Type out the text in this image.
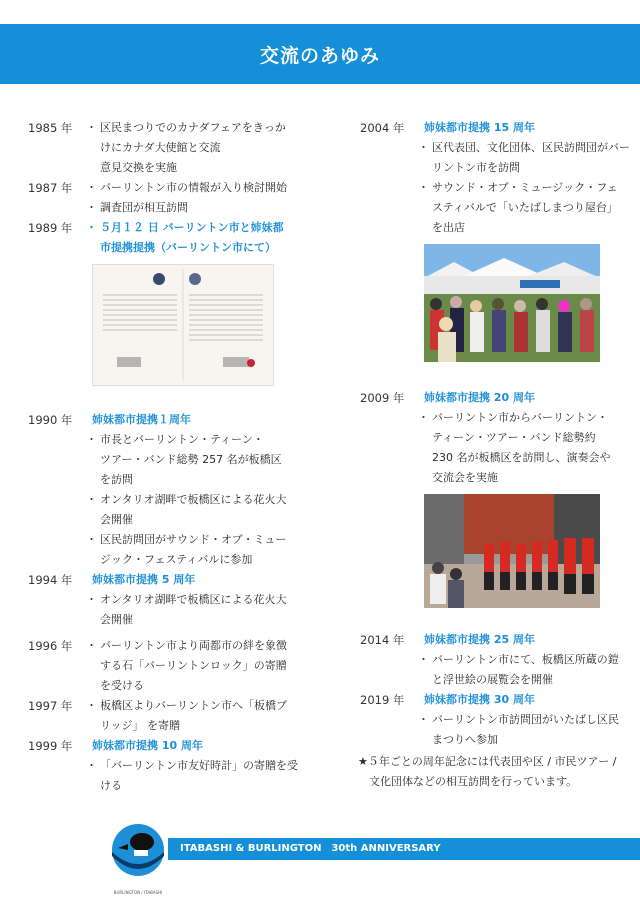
交流のあゆみ
1985 年	・ 区民まつりでのカナダフェアをきっか
けにカナダ大使館と交流
意見交換を実施
1987 年	・ バーリントン市の情報が入り検討開始
・ 調査団が相互訪問
1989 年	・ ５月１２ 日 バーリントン市と姉妹都
市提携提携（バーリントン市にて）
1990 年 姉妹都市提携１周年
・ 市長とバーリントン・ティーン・
ツアー・バンド総勢 257 名が板橋区
を訪問
・ オンタリオ湖畔で板橋区による花火大
会開催
・ 区民訪問団がサウンド・オブ・ミュー
ジック・フェスティバルに参加
1994 年 姉妹都市提携 5 周年
・ オンタリオ湖畔で板橋区による花火大
会開催
1996 年	・ バーリントン市より両都市の絆を象徴
する石「バーリントンロック」の寄贈
を受ける
1997 年	・ 板橋区よりバーリントン市へ「板橋ブ
リッジ」 を寄贈
1999 年 姉妹都市提携 10 周年
・ 「バーリントン市友好時計」の寄贈を受
ける
2004 年 姉妹都市提携 15 周年
・ 区代表団、文化団体、区民訪問団がバー
リントン市を訪問
・ サウンド・オブ・ミュージック・フェ
スティバルで「いたばしまつり屋台」
を出店
2009 年 姉妹都市提携 20 周年
・ バーリントン市からバーリントン・
ティーン・ツアー・バンド総勢約
230 名が板橋区を訪問し、演奏会や
交流会を実施
2014 年 姉妹都市提携 25 周年
・ バーリントン市にて、板橋区所蔵の鎧
と浮世絵の展覧会を開催
2019 年 姉妹都市提携 30 周年
・ バーリントン市訪問団がいたばし区民
まつりへ参加
★５年ごとの周年記念には代表団や区 / 市民ツアー /
　文化団体などの相互訪問を行っています。
BURLINGTON / ITABASHI
ITABASHI & BURLINGTON　30th ANNIVERSARY
